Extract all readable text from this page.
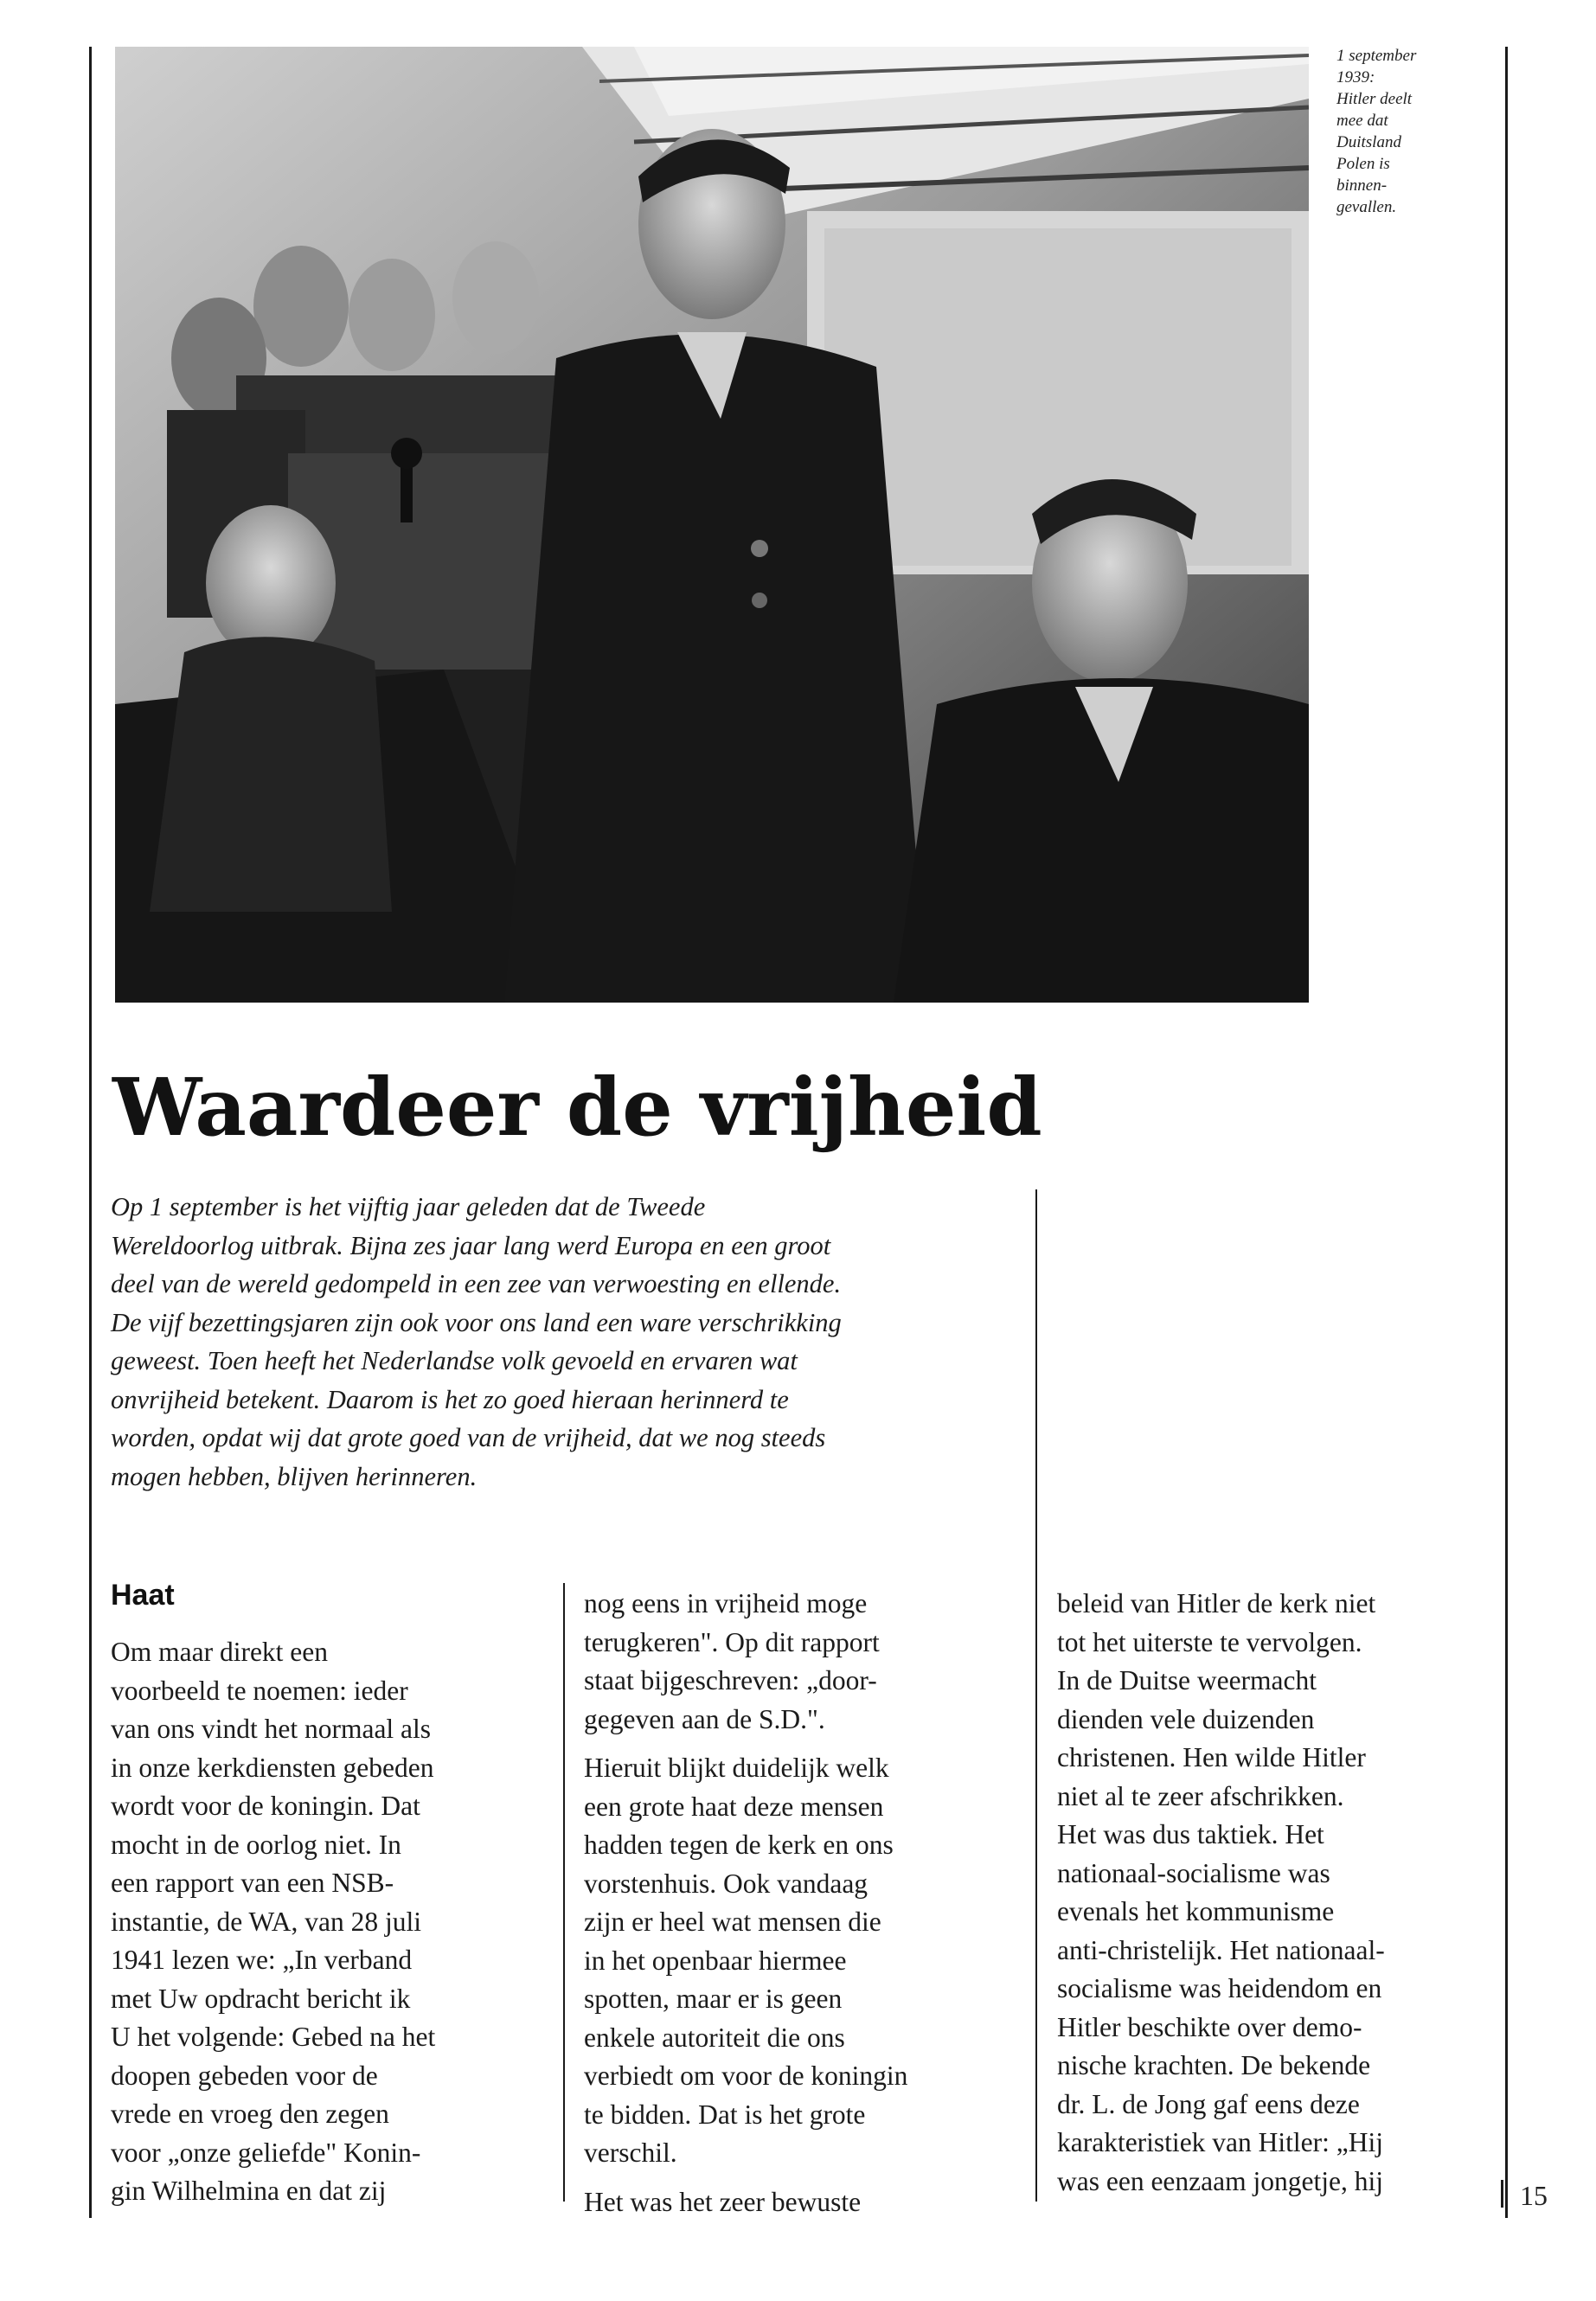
1 september
1939:
Hitler deelt
mee dat
Duitsland
Polen is
binnen-
gevallen.
Waardeer de vrijheid
Op 1 september is het vijftig jaar geleden dat de Tweede
Wereldoorlog uitbrak. Bijna zes jaar lang werd Europa en een groot
deel van de wereld gedompeld in een zee van verwoesting en ellende.
De vijf bezettingsjaren zijn ook voor ons land een ware verschrikking
geweest. Toen heeft het Nederlandse volk gevoeld en ervaren wat
onvrijheid betekent. Daarom is het zo goed hieraan herinnerd te
worden, opdat wij dat grote goed van de vrijheid, dat we nog steeds
mogen hebben, blijven herinneren.
Haat
Om maar direkt een
voorbeeld te noemen: ieder
van ons vindt het normaal als
in onze kerkdiensten gebeden
wordt voor de koningin. Dat
mocht in de oorlog niet. In
een rapport van een NSB-
instantie, de WA, van 28 juli
1941 lezen we: „In verband
met Uw opdracht bericht ik
U het volgende: Gebed na het
doopen gebeden voor de
vrede en vroeg den zegen
voor „onze geliefde" Konin-
gin Wilhelmina en dat zij
nog eens in vrijheid moge
terugkeren". Op dit rapport
staat bijgeschreven: „door-
gegeven aan de S.D.".
Hieruit blijkt duidelijk welk
een grote haat deze mensen
hadden tegen de kerk en ons
vorstenhuis. Ook vandaag
zijn er heel wat mensen die
in het openbaar hiermee
spotten, maar er is geen
enkele autoriteit die ons
verbiedt om voor de koningin
te bidden. Dat is het grote
verschil.
Het was het zeer bewuste
beleid van Hitler de kerk niet
tot het uiterste te vervolgen.
In de Duitse weermacht
dienden vele duizenden
christenen. Hen wilde Hitler
niet al te zeer afschrikken.
Het was dus taktiek. Het
nationaal-socialisme was
evenals het kommunisme
anti-christelijk. Het nationaal-
socialisme was heidendom en
Hitler beschikte over demo-
nische krachten. De bekende
dr. L. de Jong gaf eens deze
karakteristiek van Hitler: „Hij
was een eenzaam jongetje, hij	15
